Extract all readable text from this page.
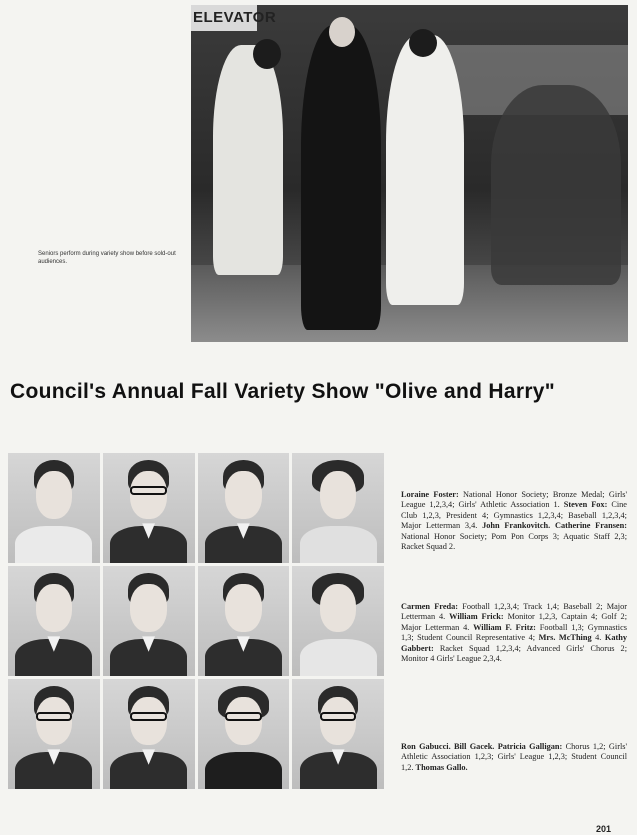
ELEVATOR
Seniors perform during variety show before sold-out audiences.
Council's Annual Fall Variety Show "Olive and Harry"
Loraine Foster: National Honor Society; Bronze Medal; Girls' League 1,2,3,4; Girls' Athletic Association 1. Steven Fox: Cine Club 1,2,3, President 4; Gymnastics 1,2,3,4; Baseball 1,2,3,4; Major Letterman 3,4. John Frankovitch. Catherine Fransen: National Honor Society; Pom Pon Corps 3; Aquatic Staff 2,3; Racket Squad 2.
Carmen Freda: Football 1,2,3,4; Track 1,4; Baseball 2; Major Letterman 4. William Frick: Monitor 1,2,3, Captain 4; Golf 2; Major Letterman 4. William F. Fritz: Football 1,3; Gymnastics 1,3; Student Council Representative 4; Mrs. McThing 4. Kathy Gabbert: Racket Squad 1,2,3,4; Advanced Girls' Chorus 2; Monitor 4 Girls' League 2,3,4.
Ron Gabucci. Bill Gacek. Patricia Galligan: Chorus 1,2; Girls' Athletic Association 1,2,3; Girls' League 1,2,3; Student Council 1,2. Thomas Gallo.
201
